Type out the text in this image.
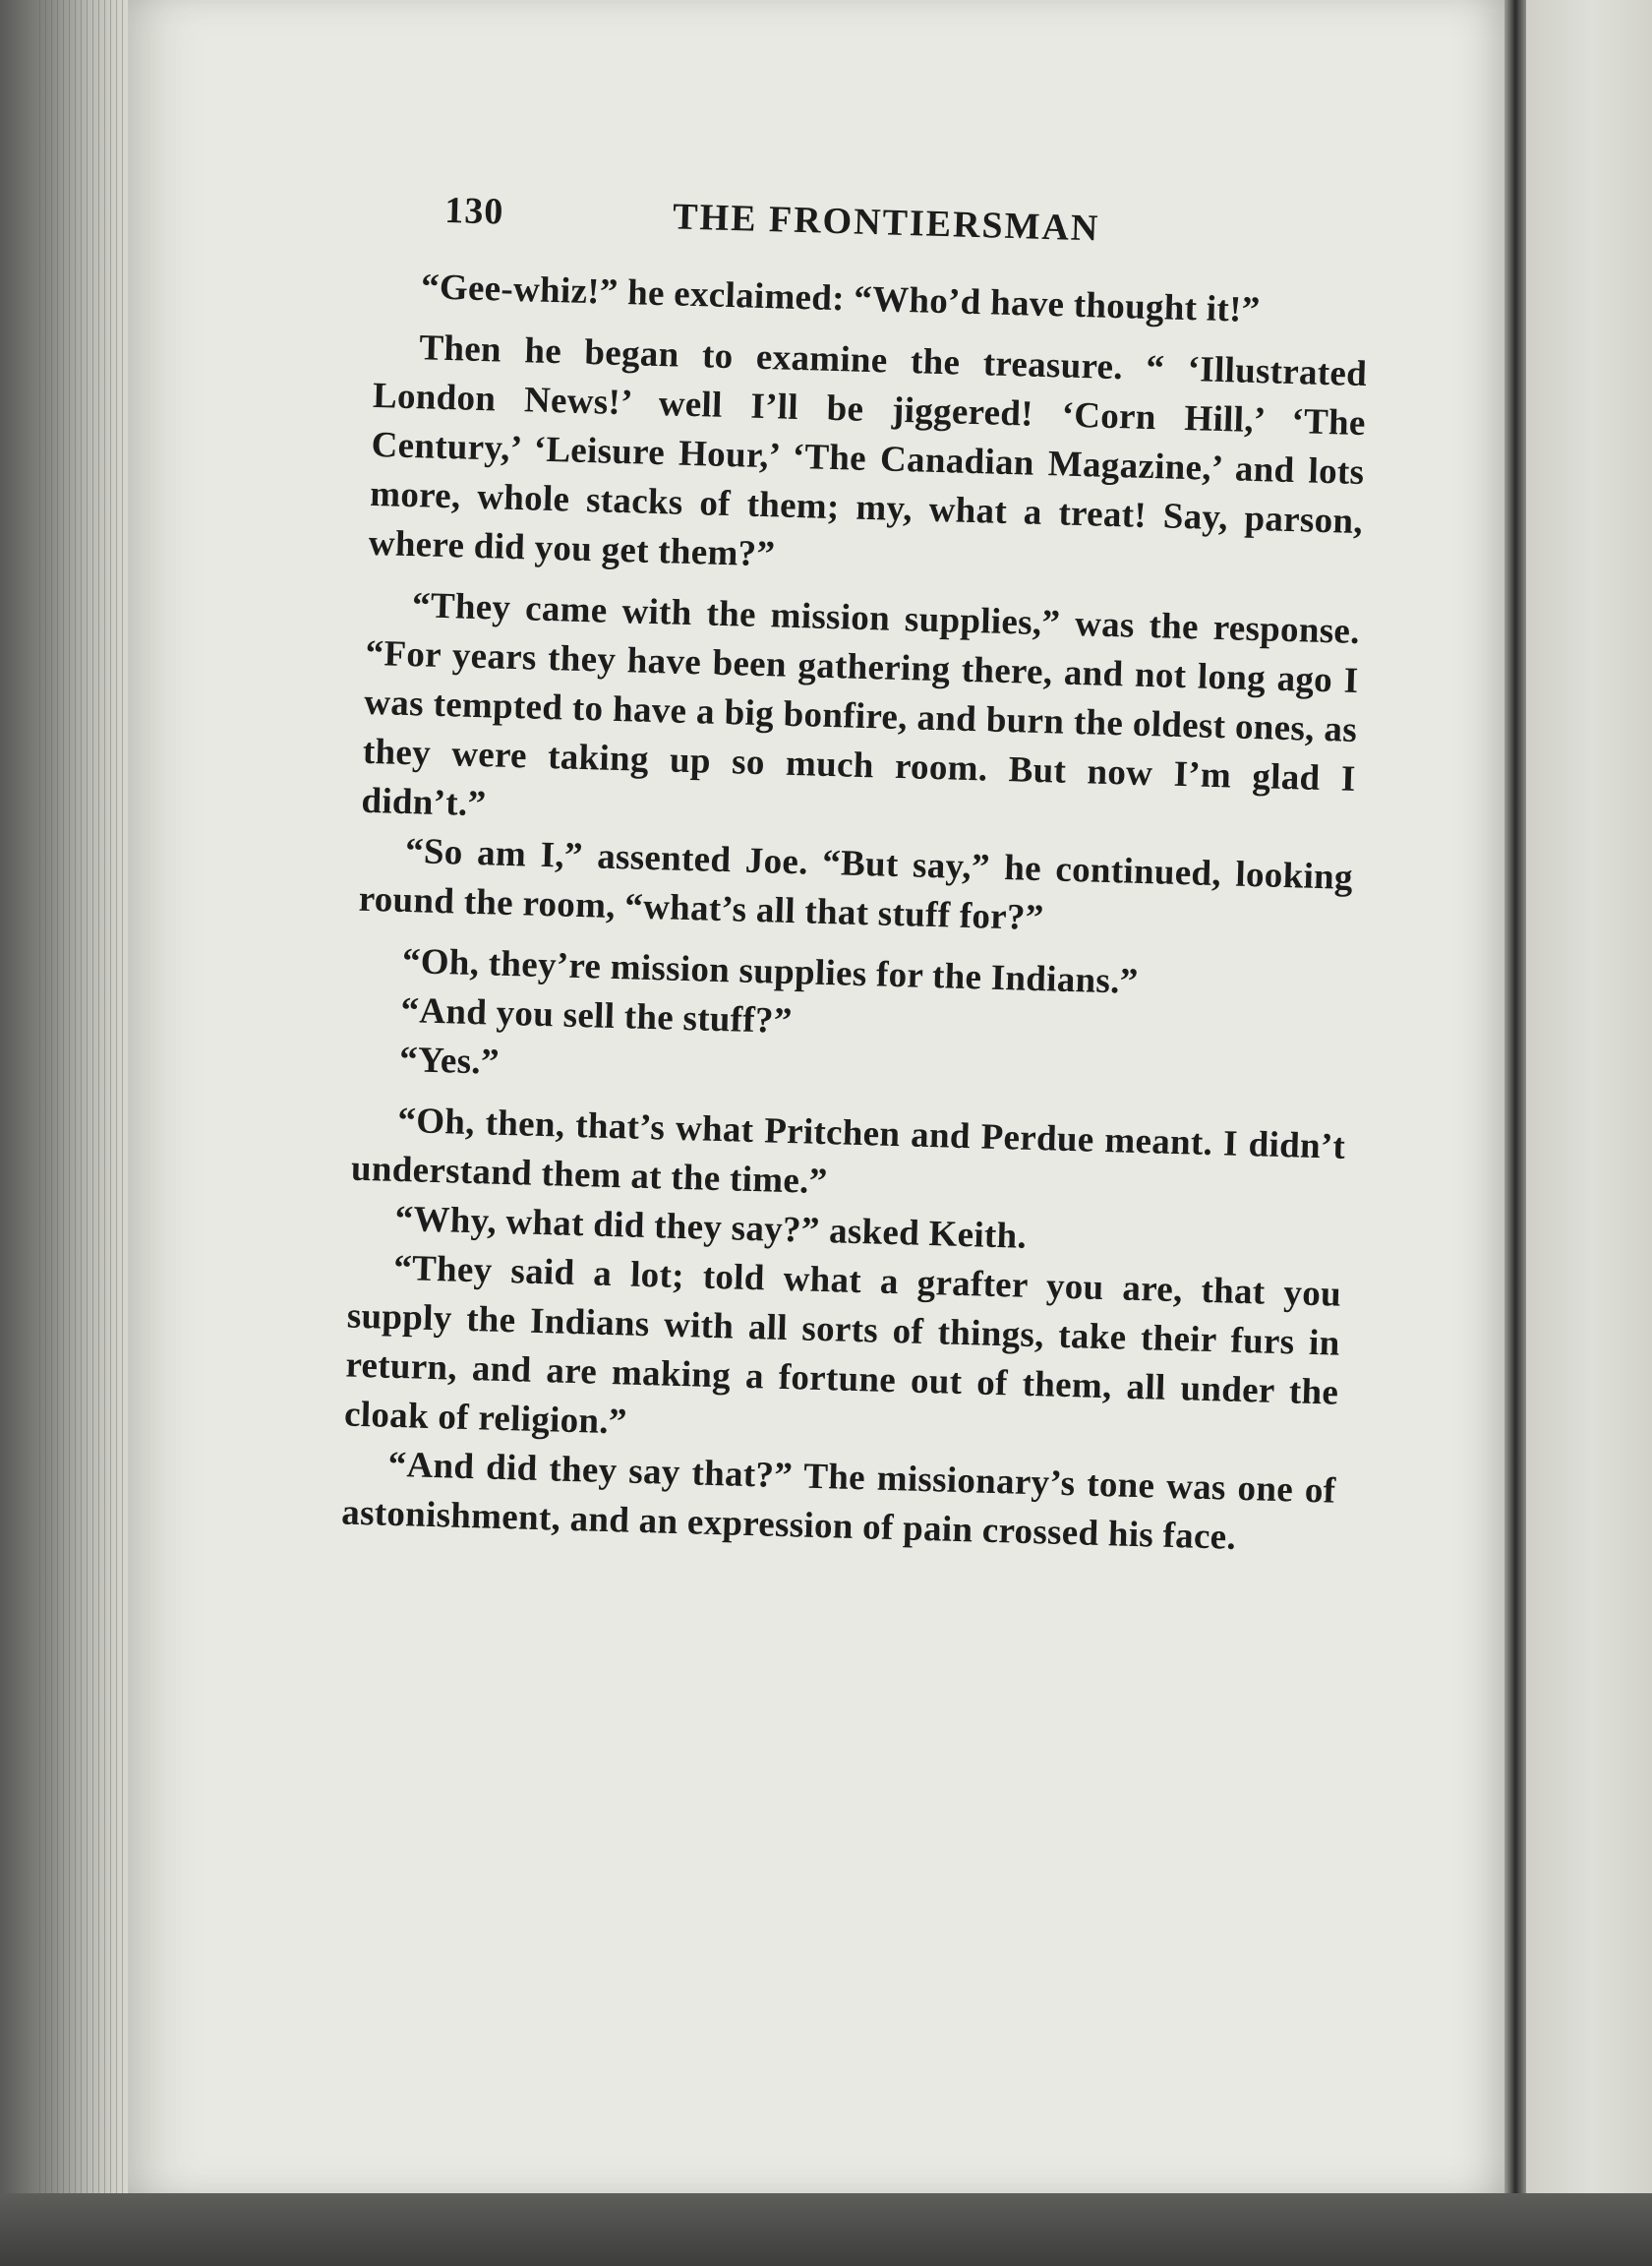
130	THE FRONTIERSMAN

“Gee-whiz!” he exclaimed: “Who’d have thought it!”

Then he began to examine the treasure. “ ‘Illustrated London News!’ well I’ll be jiggered! ‘Corn Hill,’ ‘The Century,’ ‘Leisure Hour,’ ‘The Canadian Magazine,’ and lots more, whole stacks of them; my, what a treat! Say, parson, where did you get them?”

“They came with the mission supplies,” was the response. “For years they have been gathering there, and not long ago I was tempted to have a big bonfire, and burn the oldest ones, as they were taking up so much room. But now I’m glad I didn’t.”

“So am I,” assented Joe. “But say,” he continued, looking round the room, “what’s all that stuff for?”

“Oh, they’re mission supplies for the Indians.”

“And you sell the stuff?”

“Yes.”

“Oh, then, that’s what Pritchen and Perdue meant. I didn’t understand them at the time.”

“Why, what did they say?” asked Keith.

“They said a lot; told what a grafter you are, that you supply the Indians with all sorts of things, take their furs in return, and are making a fortune out of them, all under the cloak of religion.”

“And did they say that?” The missionary’s tone was one of astonishment, and an expression of pain crossed his face.
